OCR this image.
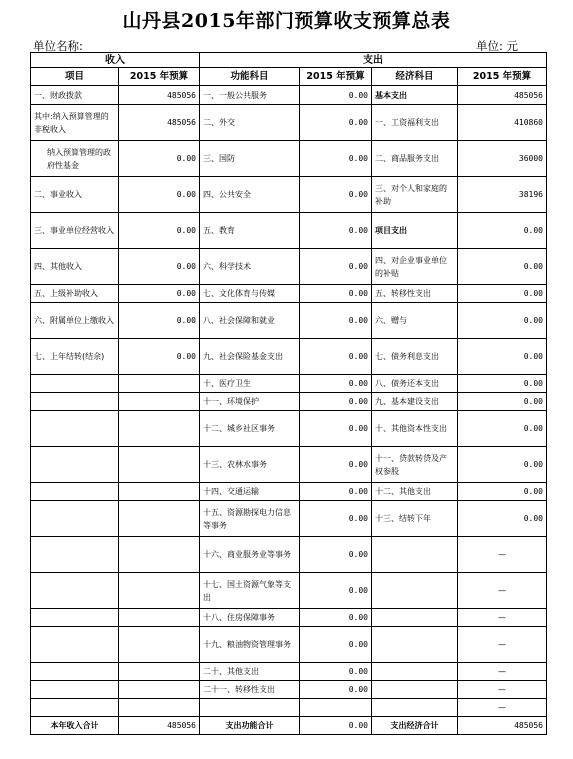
山丹县2015年部门预算收支预算总表
单位名称:	单位: 元
收入		支出			
项目	2015 年预算	功能科目	2015 年预算	经济科目	2015 年预算
一、财政拨款	485056	一、一般公共服务	0.00	基本支出	485056
其中:纳入预算管理的非税收入	485056	二、外交	0.00	一、工资福利支出	410860
纳入预算管理的政府性基金	0.00	三、国防	0.00	二、商品服务支出	36000
二、事业收入	0.00	四、公共安全	0.00	三、对个人和家庭的补助	38196
三、事业单位经营收入	0.00	五、教育	0.00	项目支出	0.00
四、其他收入	0.00	六、科学技术	0.00	四、对企业事业单位的补贴	0.00
五、上级补助收入	0.00	七、文化体育与传媒	0.00	五、转移性支出	0.00
六、附属单位上缴收入	0.00	八、社会保障和就业	0.00	六、赠与	0.00
七、上年结转(结余)	0.00	九、社会保险基金支出	0.00	七、债务利息支出	0.00
		十、医疗卫生	0.00	八、债务还本支出	0.00
		十一、环境保护	0.00	九、基本建设支出	0.00
		十二、城乡社区事务	0.00	十、其他资本性支出	0.00
		十三、农林水事务	0.00	十一、贷款转贷及产权参股	0.00
		十四、交通运输	0.00	十二、其他支出	0.00
		十五、资源勘探电力信息等事务	0.00	十三、结转下年	0.00
		十六、商业服务业等事务	0.00		—
		十七、国土资源气象等支出	0.00		—
		十八、住房保障事务	0.00		—
		十九、粮油物资管理事务	0.00		—
		二十、其他支出	0.00		—
		二十一、转移性支出	0.00		—
					—
本年收入合计	485056	支出功能合计	0.00	支出经济合计	485056
